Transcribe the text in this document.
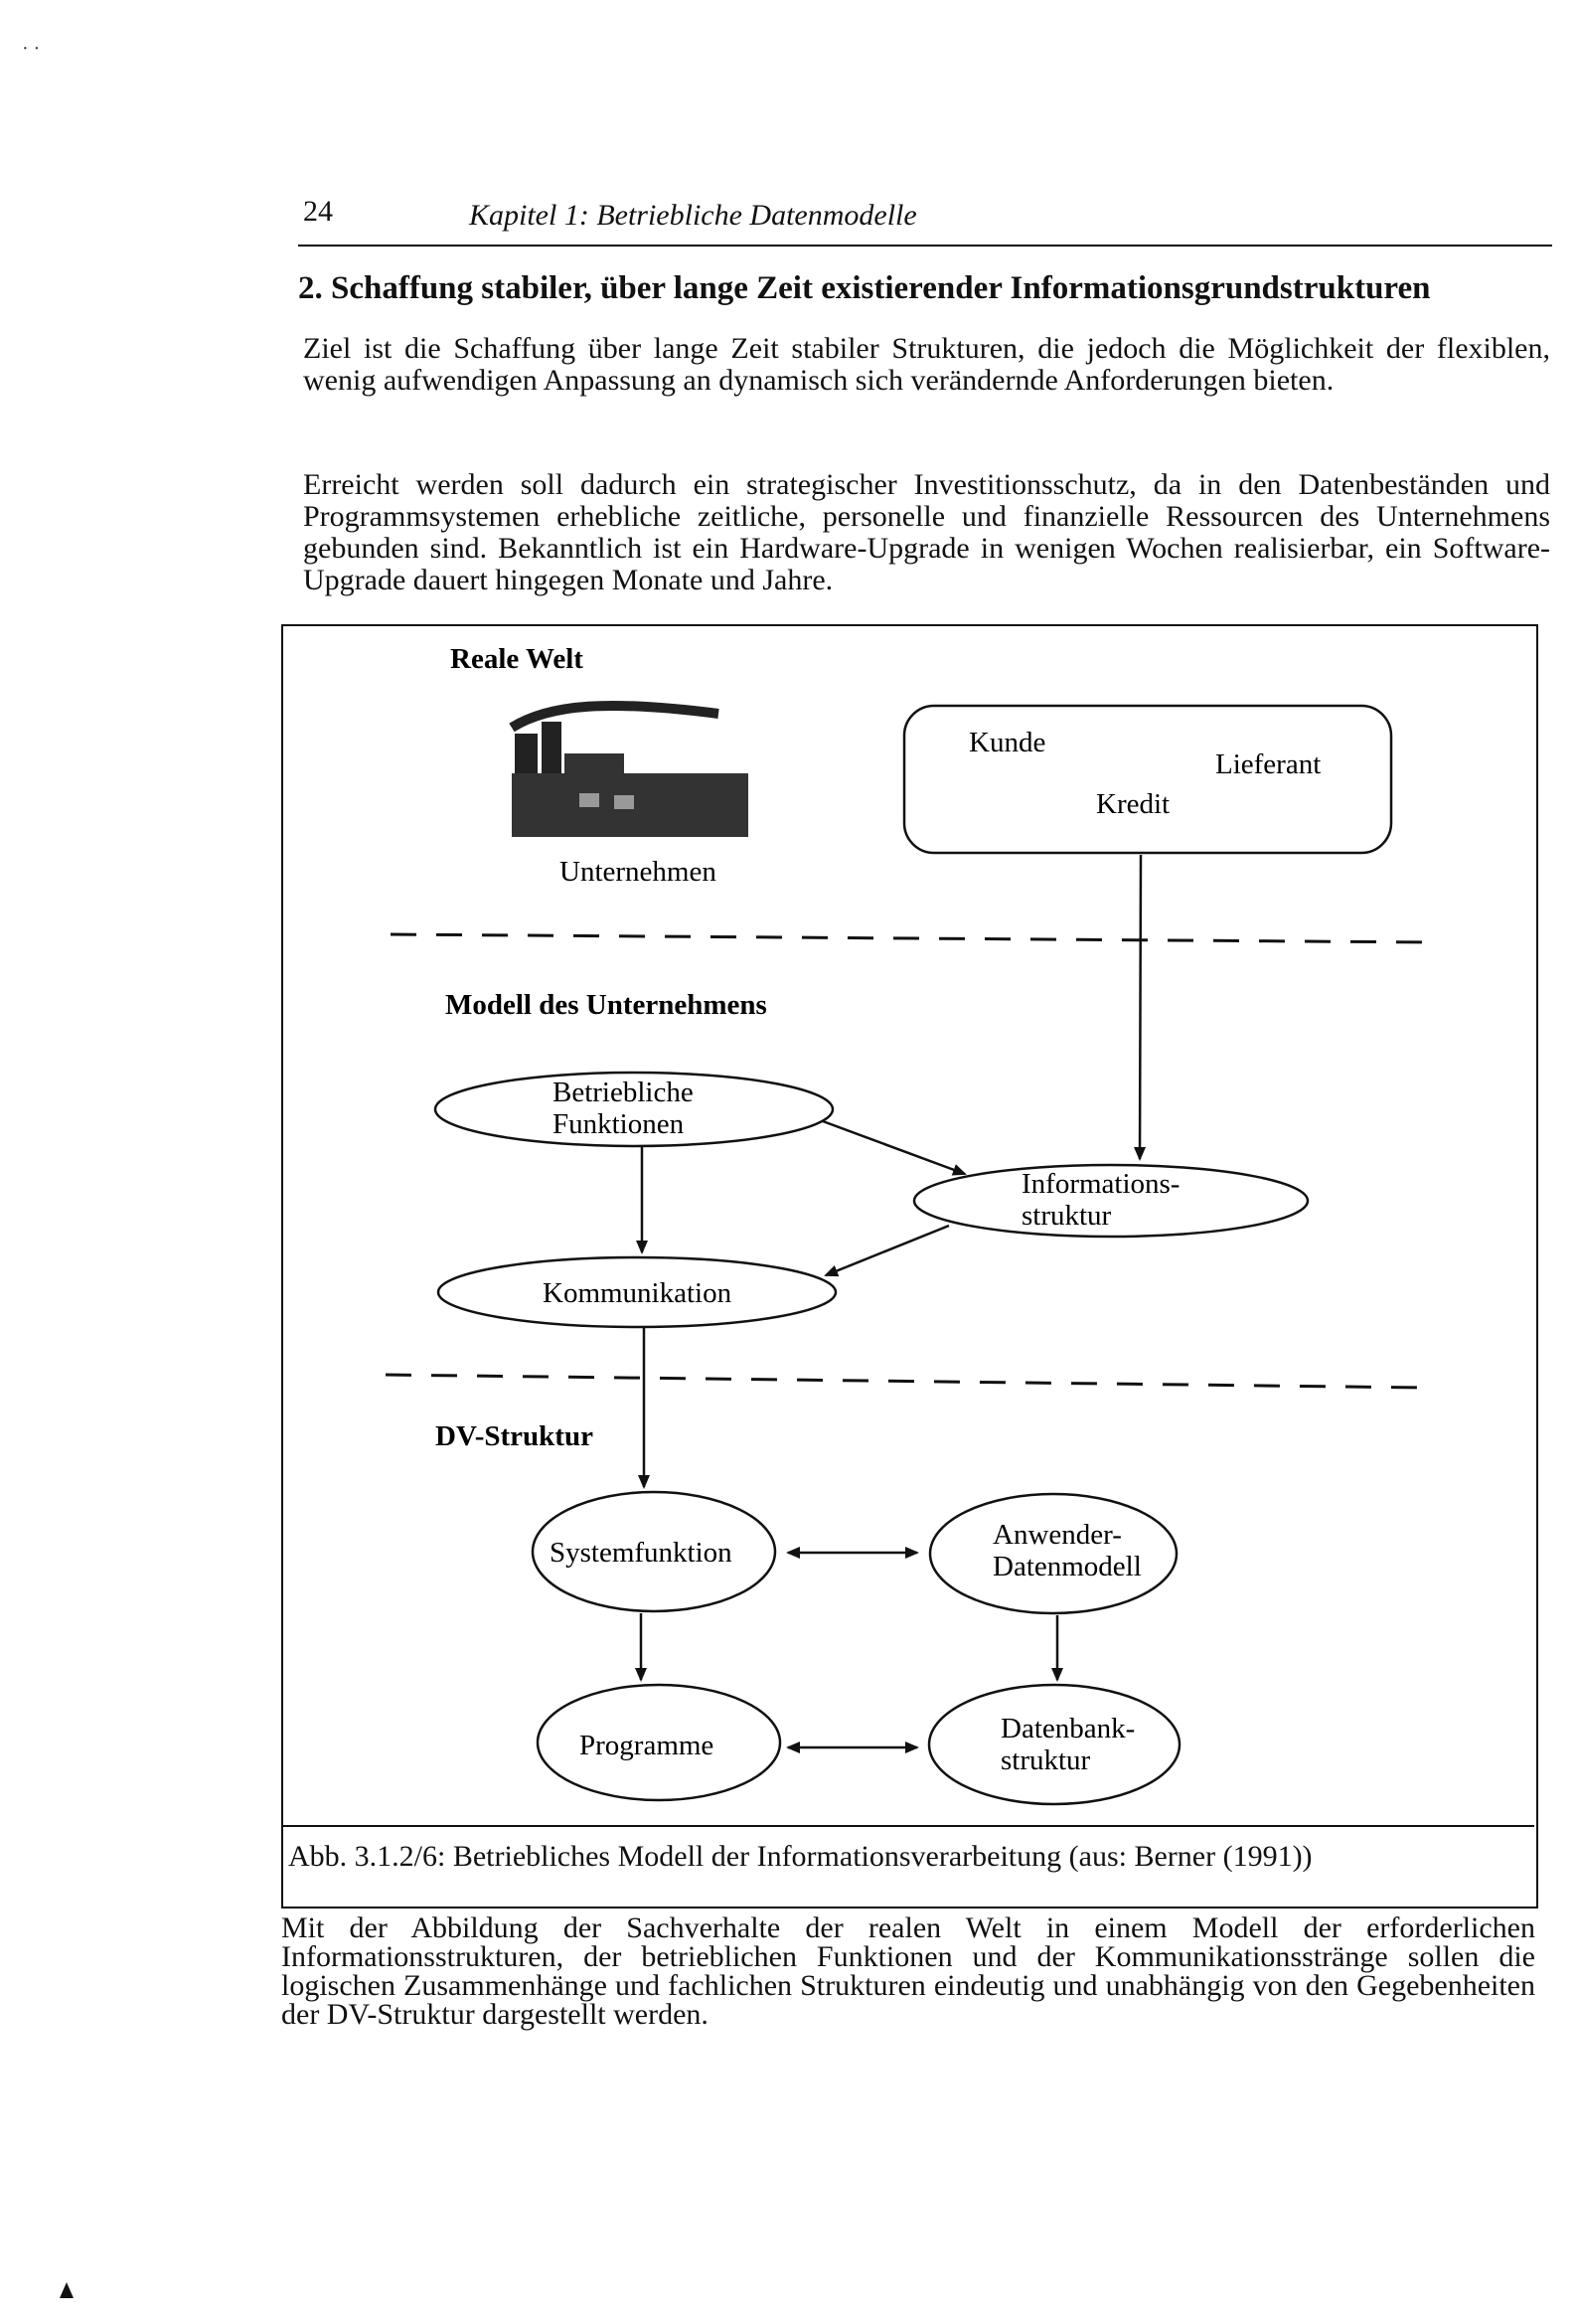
· ·
24	Kapitel 1: Betriebliche Datenmodelle
2. Schaffung stabiler, über lange Zeit existierender Informationsgrundstrukturen
Ziel ist die Schaffung über lange Zeit stabiler Strukturen, die jedoch die Möglichkeit der flexiblen, wenig aufwendigen Anpassung an dynamisch sich verändernde Anforderungen bieten.
Erreicht werden soll dadurch ein strategischer Investitionsschutz, da in den Datenbeständen und Programmsystemen erhebliche zeitliche, personelle und finanzielle Ressourcen des Unternehmens gebunden sind. Bekanntlich ist ein Hardware-Upgrade in wenigen Wochen realisierbar, ein Software-Upgrade dauert hingegen Monate und Jahre.
Reale Welt
Unternehmen
Kunde
Lieferant
Kredit
Modell des Unternehmens
Betriebliche
Funktionen
Informations-
struktur
Kommunikation
DV-Struktur
Systemfunktion
Anwender-
Datenmodell
Programme
Datenbank-
struktur
Abb. 3.1.2/6: Betriebliches Modell der Informationsverarbeitung (aus: Berner (1991))
Mit der Abbildung der Sachverhalte der realen Welt in einem Modell der erforderlichen Informationsstrukturen, der betrieblichen Funktionen und der Kommunikationsstränge sollen die logischen Zusammenhänge und fachlichen Strukturen eindeutig und unabhängig von den Gegebenheiten der DV-Struktur dargestellt werden.
